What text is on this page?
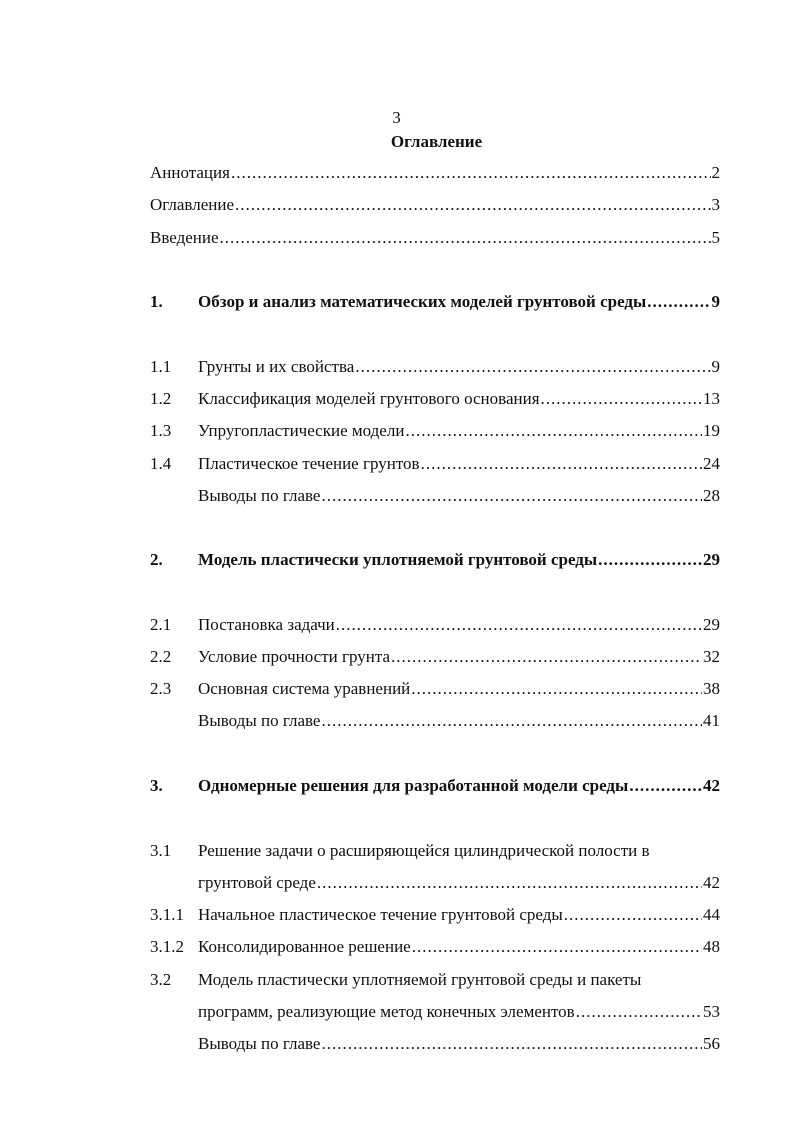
3
Оглавление
Аннотация .....	2
Оглавление .....	3
Введение .....	5
1. Обзор и анализ математических моделей грунтовой среды .....	9
1.1 Грунты и их свойства .....	9
1.2 Классификация моделей грунтового основания .....	13
1.3 Упругопластические модели .....	19
1.4 Пластическое течение грунтов .....	24
Выводы по главе .....	28
2. Модель пластически уплотняемой грунтовой среды .....	29
2.1 Постановка задачи .....	29
2.2 Условие прочности грунта .....	32
2.3 Основная система уравнений .....	38
Выводы по главе .....	41
3. Одномерные решения для разработанной модели среды .....	42
3.1 Решение задачи о расширяющейся цилиндрической полости в
грунтовой среде .....	42
3.1.1 Начальное пластическое течение грунтовой среды .....	44
3.1.2 Консолидированное решение .....	48
3.2 Модель пластически уплотняемой грунтовой среды и пакеты
программ, реализующие метод конечных элементов .....	53
Выводы по главе .....	56
